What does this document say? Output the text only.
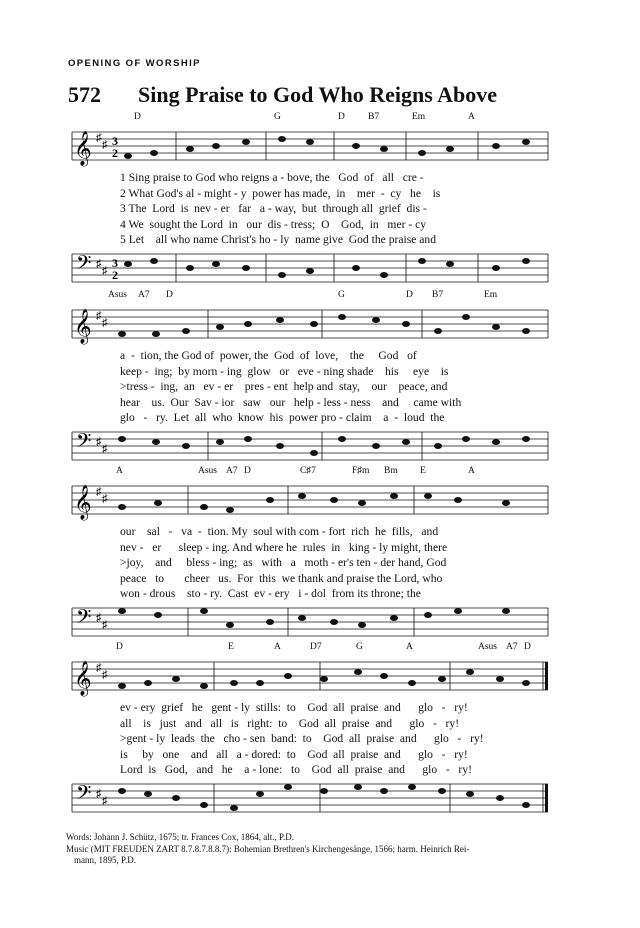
OPENING OF WORSHIP
572 Sing Praise to God Who Reigns Above
D	G	D B7	Em	A
𝄞 ♯
♯ 3
2
1 Sing praise to God who reigns a - bove, the   God  of   all   cre -
2 What God's al - might - y  power has made,  in    mer  -  cy   he    is
3 The  Lord  is  nev - er   far   a - way,  but  through all  grief  dis -
4 We  sought the Lord  in   our  dis - tress;  O    God,  in   mer - cy
5 Let    all who name Christ's ho - ly  name give  God the praise and
𝄢 ♯
♯
3
2
Asus A7 D	G	D B7	Em
𝄞 ♯
♯
a  -  tion, the God of  power, the  God  of  love,    the     God   of
keep -  ing;  by morn - ing  glow   or   eve - ning shade    his     eye    is
>tress -  ing,  an   ev - er    pres - ent  help and  stay,    our    peace, and
hear    us.  Our  Sav - ior   saw   our   help - less - ness    and     came with
glo   -   ry.  Let  all  who  know  his  power pro - claim    a  -  loud  the
𝄢 ♯
♯
A	Asus A7 D	C♯7	F♯m Bm E	A
𝄞 ♯
♯
our    sal   -   va  -  tion. My  soul with com - fort  rich  he  fills,   and
nev -   er      sleep - ing. And where he  rules  in   king - ly might, there
>joy,    and     bless - ing;  as   with   a   moth - er's ten - der hand, God
peace   to       cheer   us.  For  this  we thank and praise the Lord, who
won - drous    sto - ry.  Cast  ev - ery   i - dol  from its throne; the
𝄢 ♯
♯
D	E	A	D7	G	A	Asus A7 D
𝄞 ♯
♯
ev - ery  grief   he   gent - ly  stills:  to    God  all  praise  and      glo   -   ry!
all    is   just   and   all   is   right:  to    God  all  praise  and      glo   -   ry!
>gent - ly  leads  the   cho - sen  band:  to    God  all  praise  and      glo   -   ry!
is     by   one    and   all   a - dored:  to    God  all  praise  and      glo   -   ry!
Lord  is   God,   and   he    a - lone:   to    God  all  praise  and      glo   -   ry!
𝄢 ♯
♯
Words: Johann J. Schütz, 1675; tr. Frances Cox, 1864, alt., P.D.
Music (MIT FREUDEN ZART 8.7.8.7.8.8.7): Bohemian Brethren's Kirchengesänge, 1566; harm. Heinrich Rei-
mann, 1895, P.D.
